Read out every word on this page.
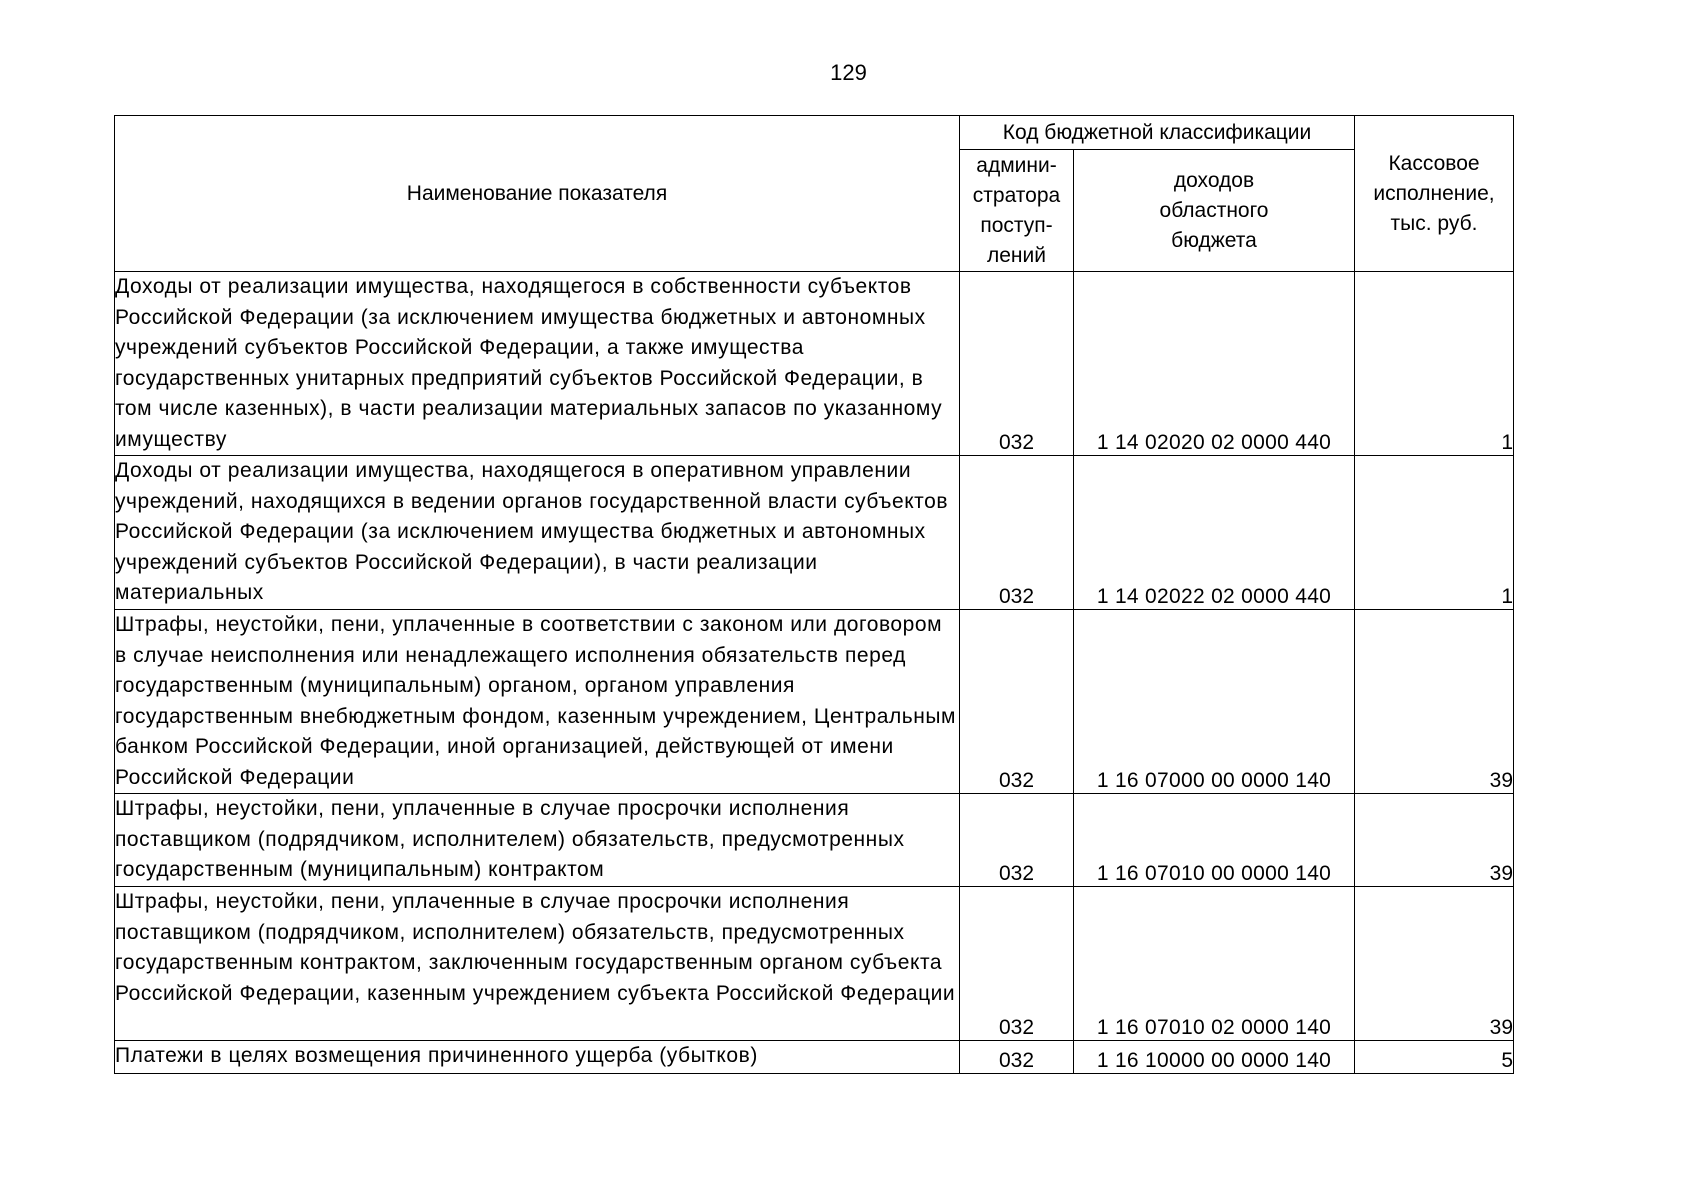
129
Наименование показателя	Код бюджетной классификации		Кассовое исполнение, тыс. руб.

	админи-стратора поступ-лений	доходов областного бюджета	

Доходы от реализации имущества, находящегося в собственности субъектов Российской Федерации (за исключением имущества бюджетных и автономных учреждений субъектов Российской Федерации, а также имущества государственных унитарных предприятий субъектов Российской Федерации, в том числе казенных), в части реализации материальных запасов по указанному имуществу	032	1 14 02020 02 0000 440	1
Доходы от реализации имущества, находящегося в оперативном управлении учреждений, находящихся в ведении органов государственной власти субъектов Российской Федерации (за исключением имущества бюджетных и автономных учреждений субъектов Российской Федерации), в части реализации материальных	032	1 14 02022 02 0000 440	1
Штрафы, неустойки, пени, уплаченные в соответствии с законом или договором в случае неисполнения или ненадлежащего исполнения обязательств перед государственным (муниципальным) органом, органом управления государственным внебюджетным фондом, казенным учреждением, Центральным банком Российской Федерации, иной организацией, действующей от имени Российской Федерации	032	1 16 07000 00 0000 140	39
Штрафы, неустойки, пени, уплаченные в случае просрочки исполнения поставщиком (подрядчиком, исполнителем) обязательств, предусмотренных государственным (муниципальным) контрактом	032	1 16 07010 00 0000 140	39
Штрафы, неустойки, пени, уплаченные в случае просрочки исполнения поставщиком (подрядчиком, исполнителем) обязательств, предусмотренных государственным контрактом, заключенным государственным органом субъекта Российской Федерации, казенным учреждением субъекта Российской Федерации	032	1 16 07010 02 0000 140	39
Платежи в целях возмещения причиненного ущерба (убытков)	032	1 16 10000 00 0000 140	5
